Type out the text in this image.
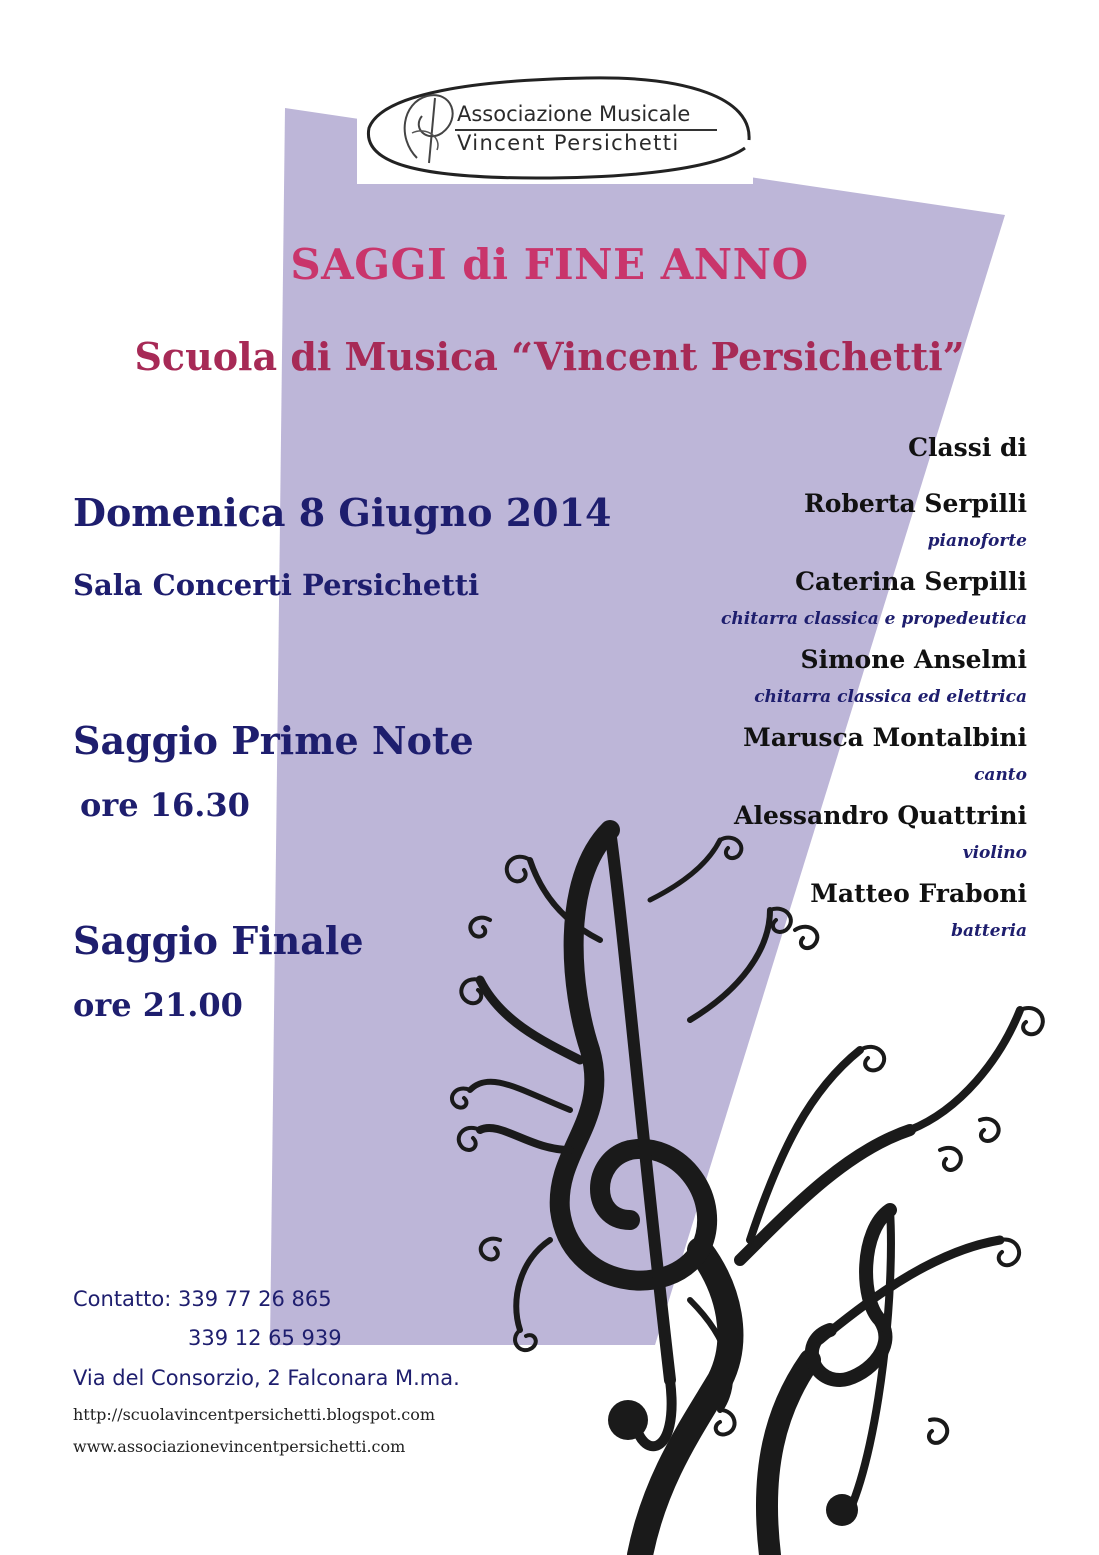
Associazione Musicale
Vincent Persichetti
SAGGI di FINE ANNO
Scuola di Musica “Vincent Persichetti”
Domenica 8 Giugno 2014
Sala Concerti Persichetti
Saggio Prime Note
ore 16.30
Saggio Finale
ore 21.00
Classi di
Roberta Serpilli
pianoforte
Caterina Serpilli
chitarra classica e propedeutica
Simone Anselmi
chitarra classica ed elettrica
Marusca Montalbini
canto
Alessandro Quattrini
violino
Matteo Fraboni
batteria
Contatto: 339 77 26 865
339 12 65 939
Via del Consorzio, 2 Falconara M.ma.
http://scuolavincentpersichetti.blogspot.com
www.associazionevincentpersichetti.com
